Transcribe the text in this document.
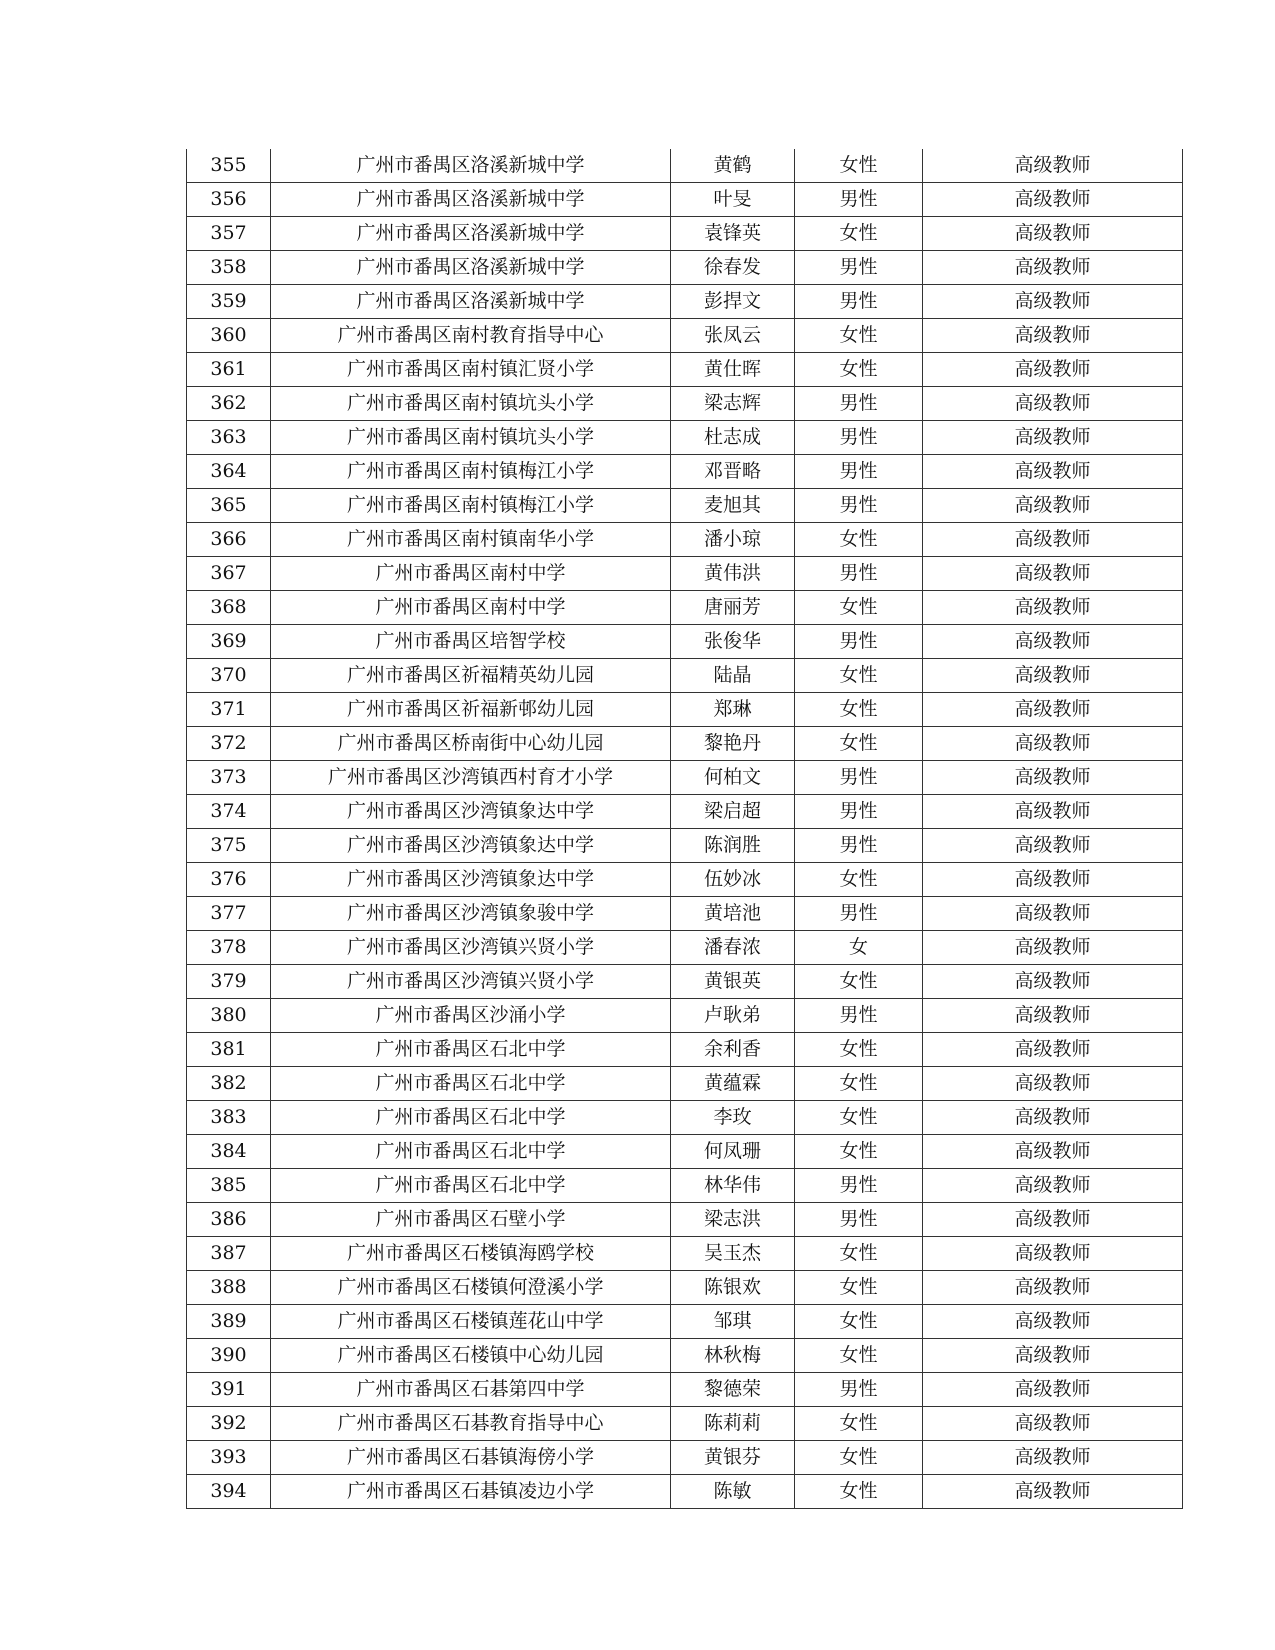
355	广州市番禺区洛溪新城中学	黄鹤	女性	高级教师
356	广州市番禺区洛溪新城中学	叶旻	男性	高级教师
357	广州市番禺区洛溪新城中学	袁锋英	女性	高级教师
358	广州市番禺区洛溪新城中学	徐春发	男性	高级教师
359	广州市番禺区洛溪新城中学	彭捍文	男性	高级教师
360	广州市番禺区南村教育指导中心	张凤云	女性	高级教师
361	广州市番禺区南村镇汇贤小学	黄仕晖	女性	高级教师
362	广州市番禺区南村镇坑头小学	梁志辉	男性	高级教师
363	广州市番禺区南村镇坑头小学	杜志成	男性	高级教师
364	广州市番禺区南村镇梅江小学	邓晋略	男性	高级教师
365	广州市番禺区南村镇梅江小学	麦旭其	男性	高级教师
366	广州市番禺区南村镇南华小学	潘小琼	女性	高级教师
367	广州市番禺区南村中学	黄伟洪	男性	高级教师
368	广州市番禺区南村中学	唐丽芳	女性	高级教师
369	广州市番禺区培智学校	张俊华	男性	高级教师
370	广州市番禺区祈福精英幼儿园	陆晶	女性	高级教师
371	广州市番禺区祈福新邨幼儿园	郑琳	女性	高级教师
372	广州市番禺区桥南街中心幼儿园	黎艳丹	女性	高级教师
373	广州市番禺区沙湾镇西村育才小学	何柏文	男性	高级教师
374	广州市番禺区沙湾镇象达中学	梁启超	男性	高级教师
375	广州市番禺区沙湾镇象达中学	陈润胜	男性	高级教师
376	广州市番禺区沙湾镇象达中学	伍妙冰	女性	高级教师
377	广州市番禺区沙湾镇象骏中学	黄培池	男性	高级教师
378	广州市番禺区沙湾镇兴贤小学	潘春浓	女	高级教师
379	广州市番禺区沙湾镇兴贤小学	黄银英	女性	高级教师
380	广州市番禺区沙涌小学	卢耿弟	男性	高级教师
381	广州市番禺区石北中学	余利香	女性	高级教师
382	广州市番禺区石北中学	黄蕴霖	女性	高级教师
383	广州市番禺区石北中学	李玫	女性	高级教师
384	广州市番禺区石北中学	何凤珊	女性	高级教师
385	广州市番禺区石北中学	林华伟	男性	高级教师
386	广州市番禺区石壁小学	梁志洪	男性	高级教师
387	广州市番禺区石楼镇海鸥学校	吴玉杰	女性	高级教师
388	广州市番禺区石楼镇何澄溪小学	陈银欢	女性	高级教师
389	广州市番禺区石楼镇莲花山中学	邹琪	女性	高级教师
390	广州市番禺区石楼镇中心幼儿园	林秋梅	女性	高级教师
391	广州市番禺区石碁第四中学	黎德荣	男性	高级教师
392	广州市番禺区石碁教育指导中心	陈莉莉	女性	高级教师
393	广州市番禺区石碁镇海傍小学	黄银芬	女性	高级教师
394	广州市番禺区石碁镇凌边小学	陈敏	女性	高级教师
